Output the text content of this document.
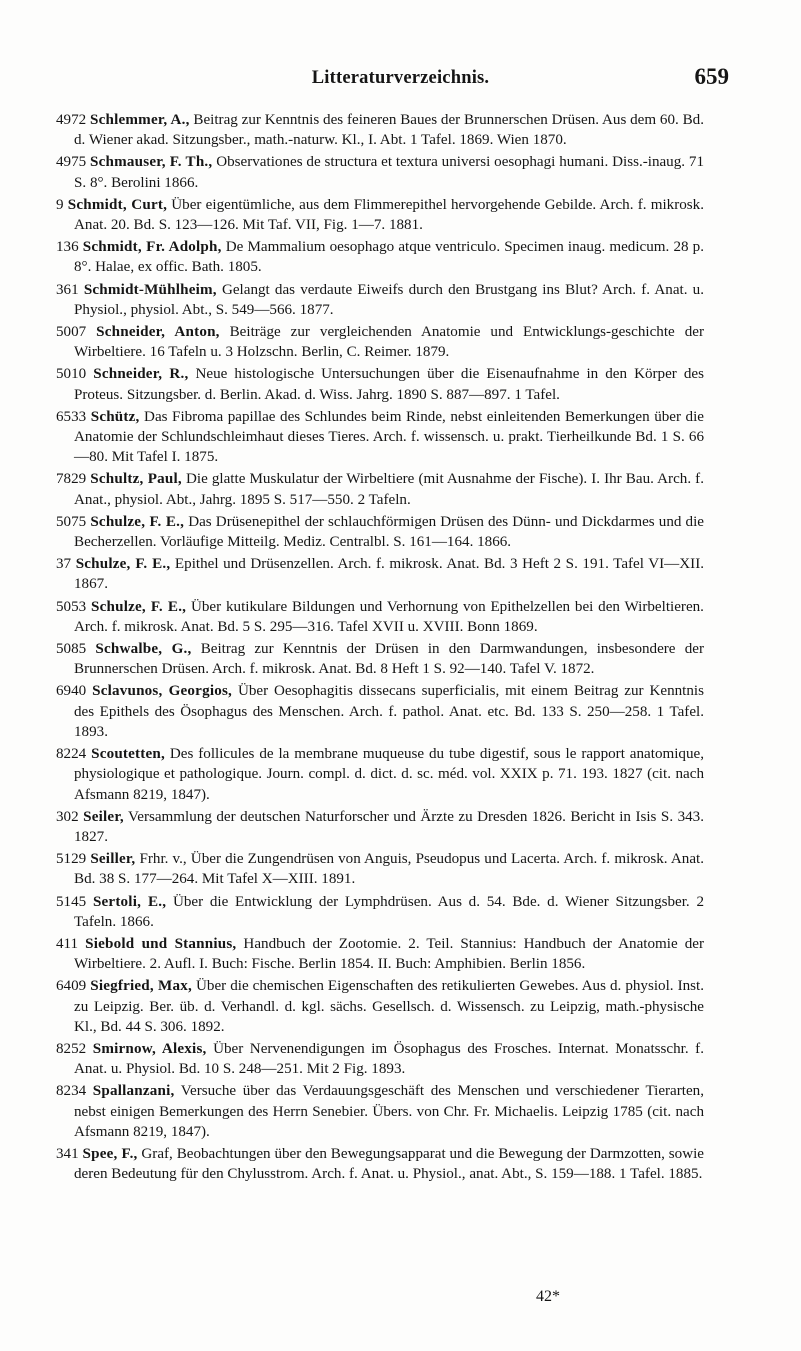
Litteraturverzeichnis.	659

4972 Schlemmer, A., Beitrag zur Kenntnis des feineren Baues der Brunnerschen Drüsen. Aus dem 60. Bd. d. Wiener akad. Sitzungsber., math.-naturw. Kl., I. Abt. 1 Tafel. 1869. Wien 1870.

4975 Schmauser, F. Th., Observationes de structura et textura universi oesophagi humani. Diss.-inaug. 71 S. 8°. Berolini 1866.

9 Schmidt, Curt, Über eigentümliche, aus dem Flimmerepithel hervorgehende Gebilde. Arch. f. mikrosk. Anat. 20. Bd. S. 123—126. Mit Taf. VII, Fig. 1—7. 1881.

136 Schmidt, Fr. Adolph, De Mammalium oesophago atque ventriculo. Specimen inaug. medicum. 28 p. 8°. Halae, ex offic. Bath. 1805.

361 Schmidt-Mühlheim, Gelangt das verdaute Eiweifs durch den Brustgang ins Blut? Arch. f. Anat. u. Physiol., physiol. Abt., S. 549—566. 1877.

5007 Schneider, Anton, Beiträge zur vergleichenden Anatomie und Entwicklungs-geschichte der Wirbeltiere. 16 Tafeln u. 3 Holzschn. Berlin, C. Reimer. 1879.

5010 Schneider, R., Neue histologische Untersuchungen über die Eisenaufnahme in den Körper des Proteus. Sitzungsber. d. Berlin. Akad. d. Wiss. Jahrg. 1890 S. 887—897. 1 Tafel.

6533 Schütz, Das Fibroma papillae des Schlundes beim Rinde, nebst einleitenden Bemerkungen über die Anatomie der Schlundschleimhaut dieses Tieres. Arch. f. wissensch. u. prakt. Tierheilkunde Bd. 1 S. 66—80. Mit Tafel I. 1875.

7829 Schultz, Paul, Die glatte Muskulatur der Wirbeltiere (mit Ausnahme der Fische). I. Ihr Bau. Arch. f. Anat., physiol. Abt., Jahrg. 1895 S. 517—550. 2 Tafeln.

5075 Schulze, F. E., Das Drüsenepithel der schlauchförmigen Drüsen des Dünn- und Dickdarmes und die Becherzellen. Vorläufige Mitteilg. Mediz. Centralbl. S. 161—164. 1866.

37 Schulze, F. E., Epithel und Drüsenzellen. Arch. f. mikrosk. Anat. Bd. 3 Heft 2 S. 191. Tafel VI—XII. 1867.

5053 Schulze, F. E., Über kutikulare Bildungen und Verhornung von Epithelzellen bei den Wirbeltieren. Arch. f. mikrosk. Anat. Bd. 5 S. 295—316. Tafel XVII u. XVIII. Bonn 1869.

5085 Schwalbe, G., Beitrag zur Kenntnis der Drüsen in den Darmwandungen, insbesondere der Brunnerschen Drüsen. Arch. f. mikrosk. Anat. Bd. 8 Heft 1 S. 92—140. Tafel V. 1872.

6940 Sclavunos, Georgios, Über Oesophagitis dissecans superficialis, mit einem Beitrag zur Kenntnis des Epithels des Ösophagus des Menschen. Arch. f. pathol. Anat. etc. Bd. 133 S. 250—258. 1 Tafel. 1893.

8224 Scoutetten, Des follicules de la membrane muqueuse du tube digestif, sous le rapport anatomique, physiologique et pathologique. Journ. compl. d. dict. d. sc. méd. vol. XXIX p. 71. 193. 1827 (cit. nach Afsmann 8219, 1847).

302 Seiler, Versammlung der deutschen Naturforscher und Ärzte zu Dresden 1826. Bericht in Isis S. 343. 1827.

5129 Seiller, Frhr. v., Über die Zungendrüsen von Anguis, Pseudopus und Lacerta. Arch. f. mikrosk. Anat. Bd. 38 S. 177—264. Mit Tafel X—XIII. 1891.

5145 Sertoli, E., Über die Entwicklung der Lymphdrüsen. Aus d. 54. Bde. d. Wiener Sitzungsber. 2 Tafeln. 1866.

411 Siebold und Stannius, Handbuch der Zootomie. 2. Teil. Stannius: Handbuch der Anatomie der Wirbeltiere. 2. Aufl. I. Buch: Fische. Berlin 1854. II. Buch: Amphibien. Berlin 1856.

6409 Siegfried, Max, Über die chemischen Eigenschaften des retikulierten Gewebes. Aus d. physiol. Inst. zu Leipzig. Ber. üb. d. Verhandl. d. kgl. sächs. Gesellsch. d. Wissensch. zu Leipzig, math.-physische Kl., Bd. 44 S. 306. 1892.

8252 Smirnow, Alexis, Über Nervenendigungen im Ösophagus des Frosches. Internat. Monatsschr. f. Anat. u. Physiol. Bd. 10 S. 248—251. Mit 2 Fig. 1893.

8234 Spallanzani, Versuche über das Verdauungsgeschäft des Menschen und verschiedener Tierarten, nebst einigen Bemerkungen des Herrn Senebier. Übers. von Chr. Fr. Michaelis. Leipzig 1785 (cit. nach Afsmann 8219, 1847).

341 Spee, F., Graf, Beobachtungen über den Bewegungsapparat und die Bewegung der Darmzotten, sowie deren Bedeutung für den Chylusstrom. Arch. f. Anat. u. Physiol., anat. Abt., S. 159—188. 1 Tafel. 1885.

42*
